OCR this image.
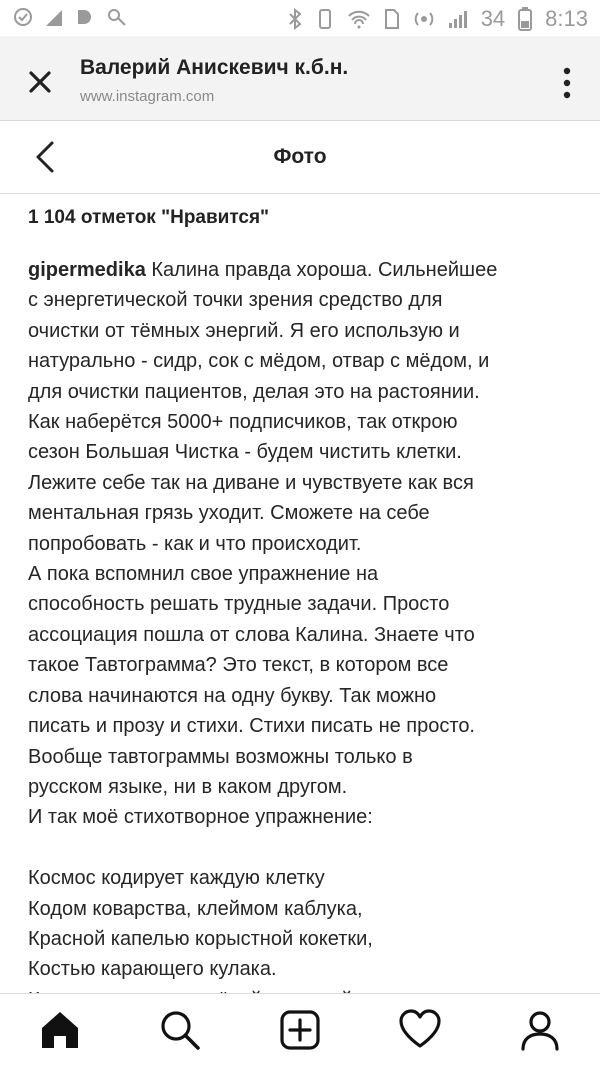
34 8:13
Валерий Анискевич к.б.н.
www.instagram.com
Фото
1 104 отметок "Нравится"
gipermedika Калина правда хороша. Сильнейшее
с энергетической точки зрения средство для
очистки от тёмных энергий. Я его использую и
натурально - сидр, сок с мёдом, отвар с мёдом, и
для очистки пациентов, делая это на растоянии.
Как наберётся 5000+ подписчиков, так открою
сезон Большая Чистка - будем чистить клетки.
Лежите себе так на диване и чувствуете как вся
ментальная грязь уходит. Сможете на себе
попробовать - как и что происходит.
А пока вспомнил свое упражнение на
способность решать трудные задачи. Просто
ассоциация пошла от слова Калина. Знаете что
такое Тавтограмма? Это текст, в котором все
слова начинаются на одну букву. Так можно
писать и прозу и стихи. Стихи писать не просто.
Вообще тавтограммы возможны только в
русском языке, ни в каком другом.
И так моё стихотворное упражнение:
Космос кодирует каждую клетку
Кодом коварства, клеймом каблука,
Красной капелью корыстной кокетки,
Костью карающего кулака.
